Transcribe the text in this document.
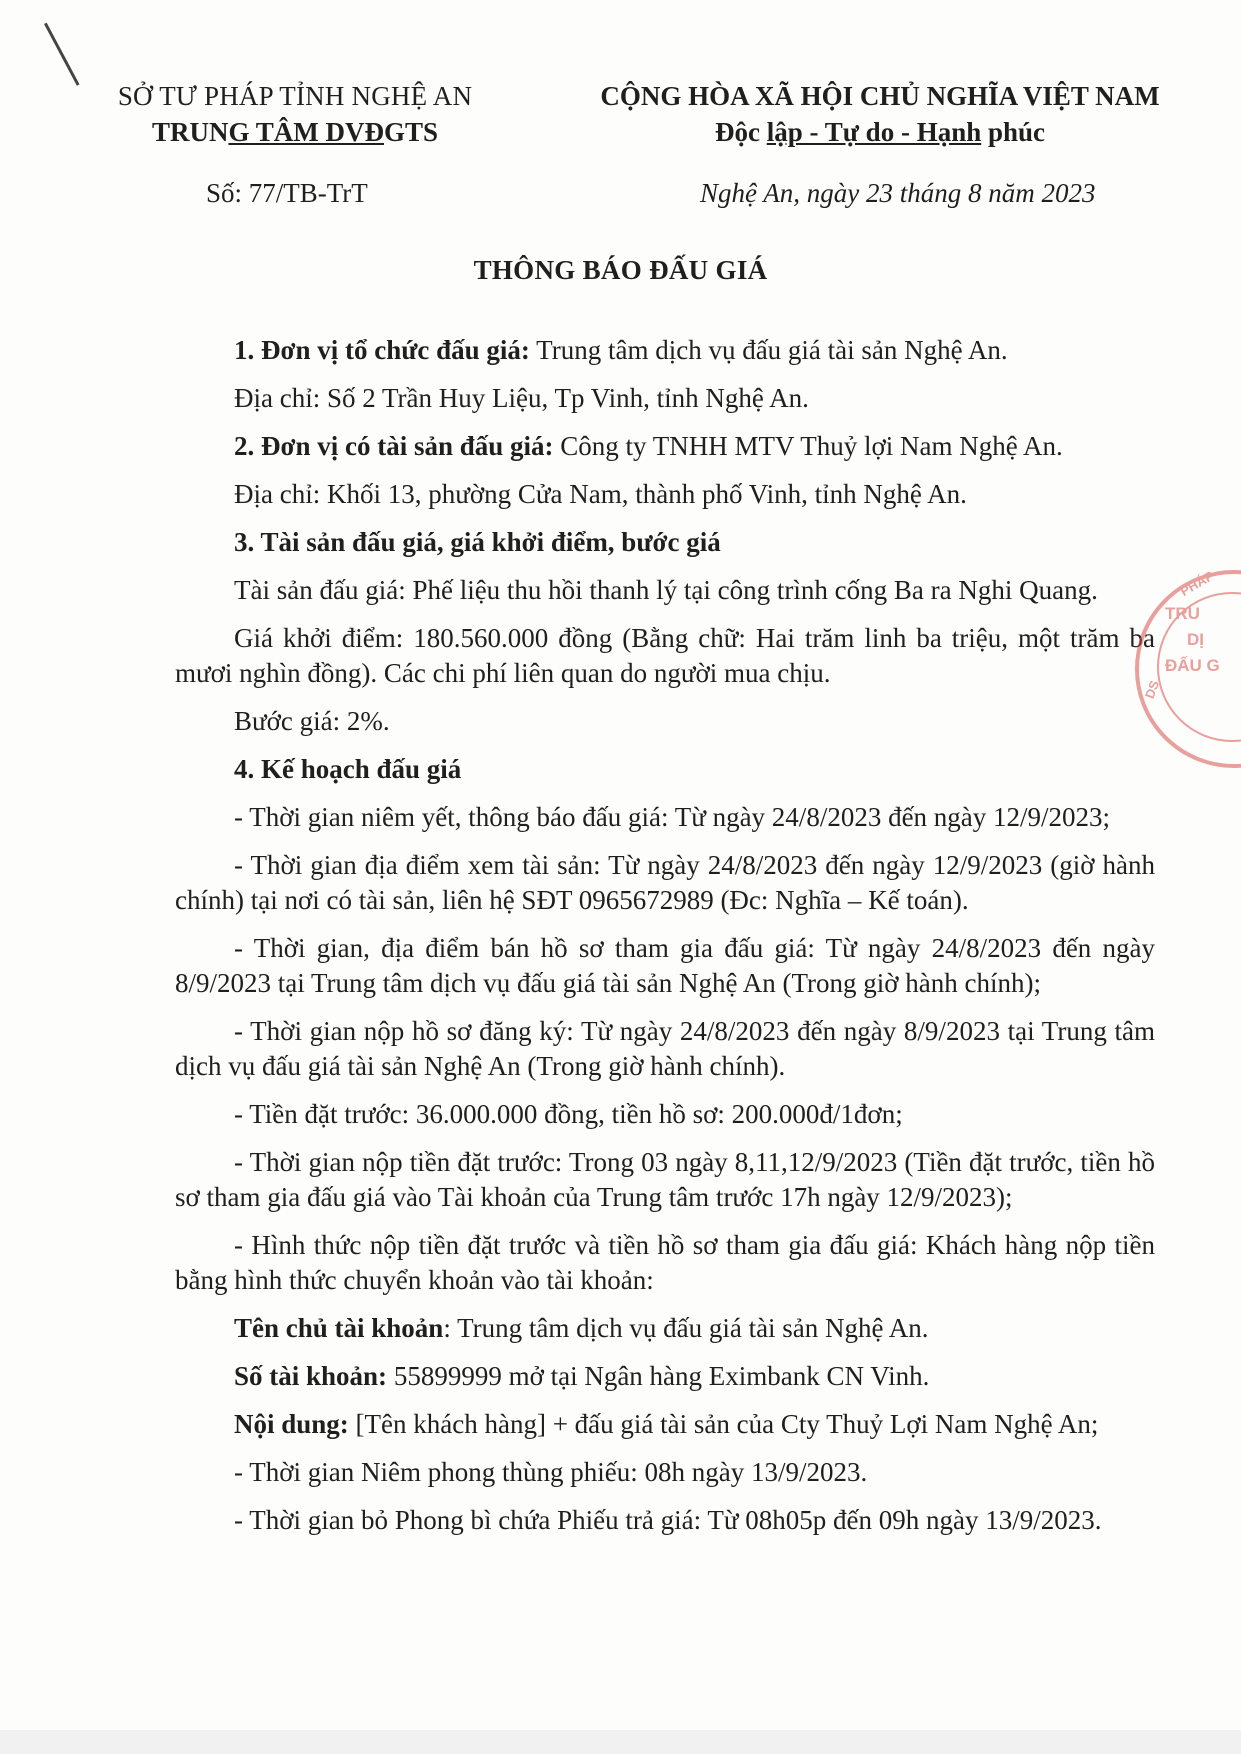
SỞ TƯ PHÁP TỈNH NGHỆ AN
TRUNG TÂM DVĐGTS
CỘNG HÒA XÃ HỘI CHỦ NGHĨA VIỆT NAM
Độc lập - Tự do - Hạnh phúc
Số: 77/TB-TrT	Nghệ An, ngày 23 tháng 8 năm 2023
THÔNG BÁO ĐẤU GIÁ

1. Đơn vị tổ chức đấu giá: Trung tâm dịch vụ đấu giá tài sản Nghệ An.

Địa chỉ: Số 2 Trần Huy Liệu, Tp Vinh, tỉnh Nghệ An.

2. Đơn vị có tài sản đấu giá: Công ty TNHH MTV Thuỷ lợi Nam Nghệ An.

Địa chỉ: Khối 13, phường Cửa Nam, thành phố Vinh, tỉnh Nghệ An.

3. Tài sản đấu giá, giá khởi điểm, bước giá

Tài sản đấu giá: Phế liệu thu hồi thanh lý tại công trình cống Ba ra Nghi Quang.

Giá khởi điểm: 180.560.000 đồng (Bằng chữ: Hai trăm linh ba triệu, một trăm ba mươi nghìn đồng). Các chi phí liên quan do người mua chịu.

Bước giá: 2%.

4. Kế hoạch đấu giá

- Thời gian niêm yết, thông báo đấu giá: Từ ngày 24/8/2023 đến ngày 12/9/2023;

- Thời gian địa điểm xem tài sản: Từ ngày 24/8/2023 đến ngày 12/9/2023 (giờ hành chính) tại nơi có tài sản, liên hệ SĐT 0965672989 (Đc: Nghĩa – Kế toán).

- Thời gian, địa điểm bán hồ sơ tham gia đấu giá: Từ ngày 24/8/2023 đến ngày 8/9/2023 tại Trung tâm dịch vụ đấu giá tài sản Nghệ An (Trong giờ hành chính);

- Thời gian nộp hồ sơ đăng ký: Từ ngày 24/8/2023 đến ngày 8/9/2023 tại Trung tâm dịch vụ đấu giá tài sản Nghệ An (Trong giờ hành chính).

- Tiền đặt trước: 36.000.000 đồng, tiền hồ sơ: 200.000đ/1đơn;

- Thời gian nộp tiền đặt trước: Trong 03 ngày 8,11,12/9/2023 (Tiền đặt trước, tiền hồ sơ tham gia đấu giá vào Tài khoản của Trung tâm trước 17h ngày 12/9/2023);

- Hình thức nộp tiền đặt trước và tiền hồ sơ tham gia đấu giá: Khách hàng nộp tiền bằng hình thức chuyển khoản vào tài khoản:

Tên chủ tài khoản: Trung tâm dịch vụ đấu giá tài sản Nghệ An.

Số tài khoản: 55899999 mở tại Ngân hàng Eximbank CN Vinh.

Nội dung: [Tên khách hàng] + đấu giá tài sản của Cty Thuỷ Lợi Nam Nghệ An;

- Thời gian Niêm phong thùng phiếu: 08h ngày 13/9/2023.

- Thời gian bỏ Phong bì chứa Phiếu trả giá: Từ 08h05p đến 09h ngày 13/9/2023.

PHÁP
TRU
DỊ
ĐẤU G
DS
